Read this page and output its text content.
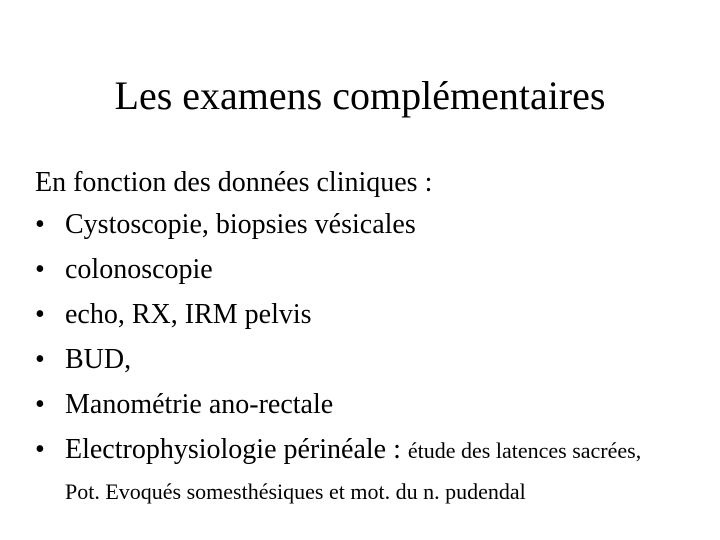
Les examens complémentaires
En fonction des données cliniques :
• Cystoscopie, biopsies vésicales
• colonoscopie
• echo, RX, IRM pelvis
• BUD,
• Manométrie ano-rectale
• Electrophysiologie périnéale : étude des latences sacrées,
Pot. Evoqués somesthésiques et mot. du n. pudendal
